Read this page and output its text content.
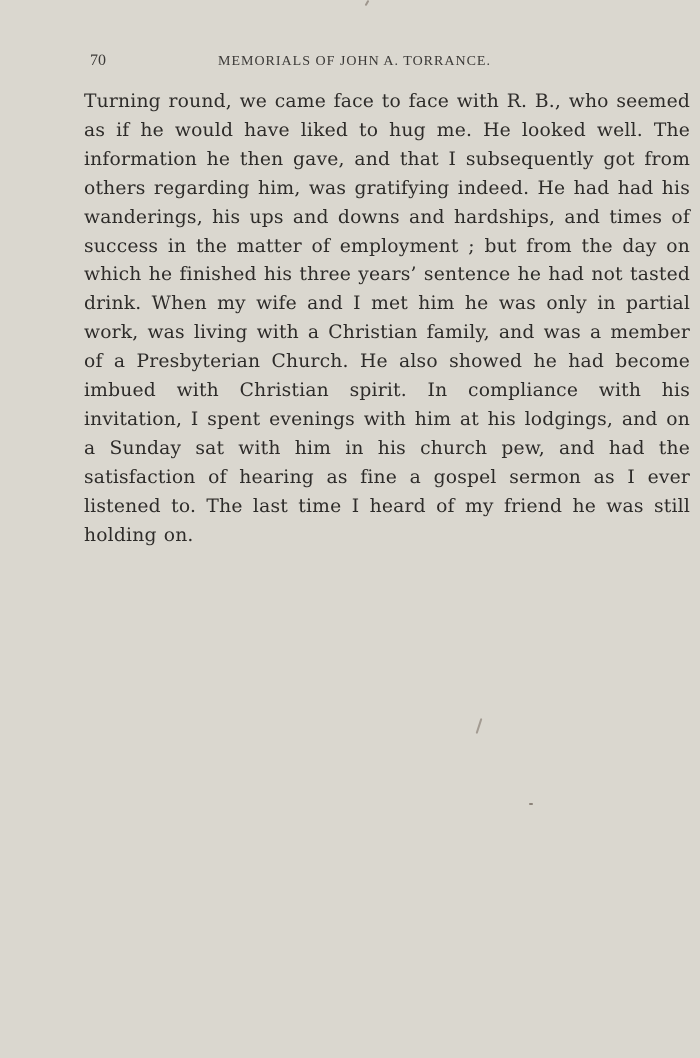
70	MEMORIALS OF JOHN A. TORRANCE.

Turning round, we came face to face with R. B., who seemed as if he would have liked to hug me. He looked well. The information he then gave, and that I subsequently got from others regarding him, was gratifying indeed. He had had his wanderings, his ups and downs and hardships, and times of success in the matter of employment ; but from the day on which he finished his three years’ sentence he had not tasted drink. When my wife and I met him he was only in partial work, was living with a Christian family, and was a member of a Presbyterian Church. He also showed he had become imbued with Christian spirit. In compliance with his invitation, I spent evenings with him at his lodgings, and on a Sunday sat with him in his church pew, and had the satisfaction of hearing as fine a gospel sermon as I ever listened to. The last time I heard of my friend he was still holding on.
